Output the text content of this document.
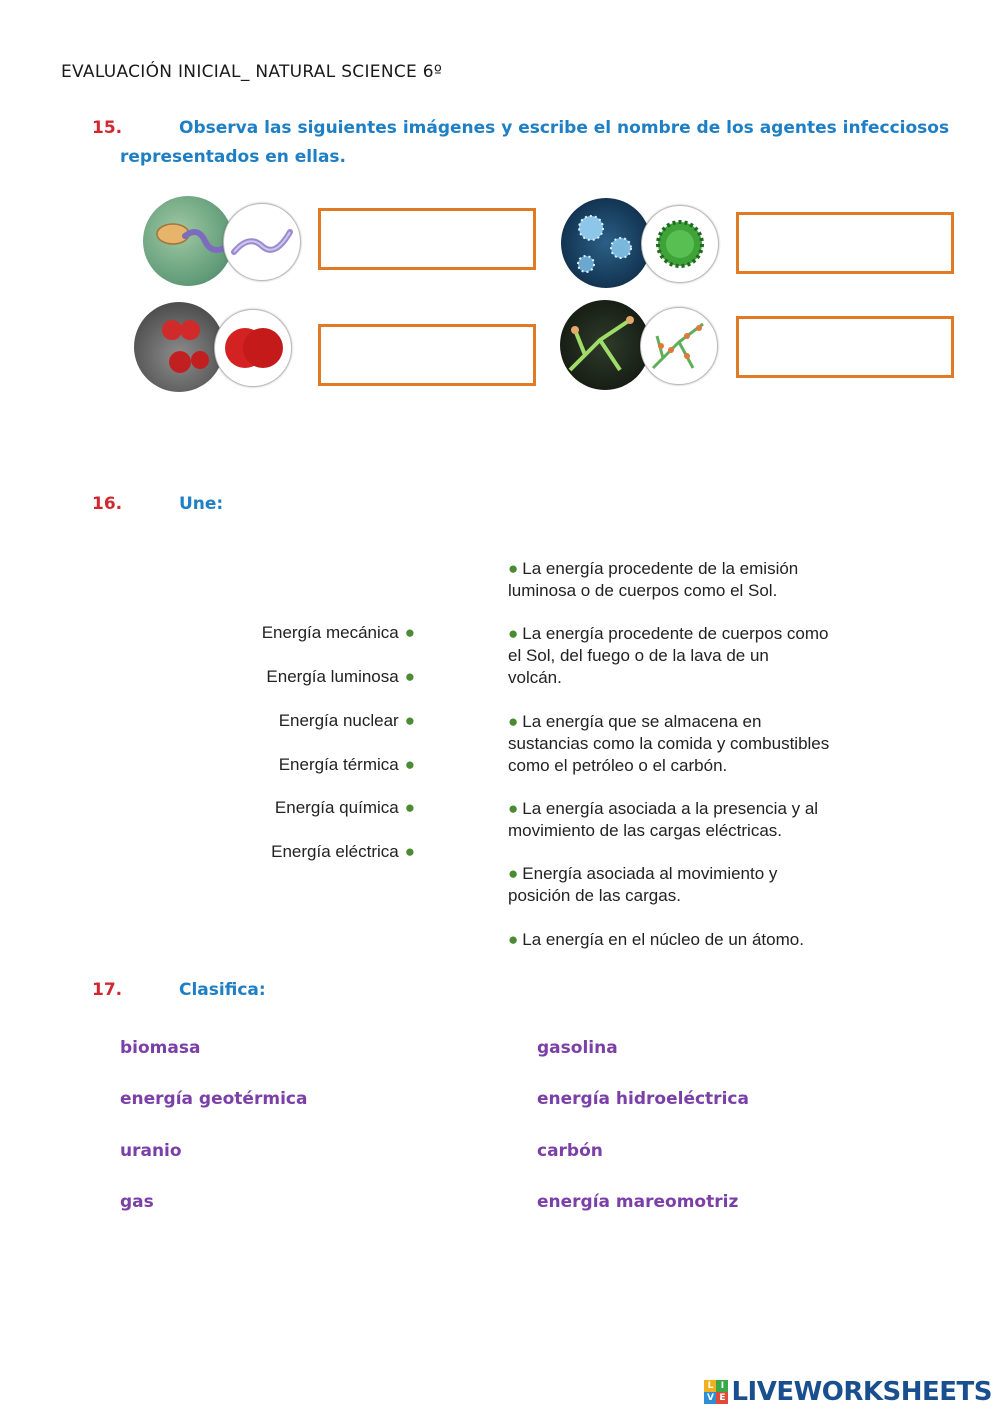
EVALUACIÓN INICIAL_ NATURAL SCIENCE 6º
15.	Observa las siguientes imágenes y escribe el nombre de los agentes infecciosos
representados en ellas.
16.	Une:
Energía mecánica ●
Energía luminosa ●
Energía nuclear ●
Energía térmica ●
Energía química ●
Energía eléctrica ●
● La energía procedente de la emisión
luminosa o de cuerpos como el Sol.
● La energía procedente de cuerpos como
el Sol, del fuego o de la lava de un
volcán.
● La energía que se almacena en
sustancias como la comida y combustibles
como el petróleo o el carbón.
● La energía asociada a la presencia y al
movimiento de las cargas eléctricas.
● Energía asociada al movimiento y
posición de las cargas.
● La energía en el núcleo de un átomo.
17.	Clasifica:
biomasa
energía geotérmica
uranio
gas
gasolina
energía hidroeléctrica
carbón
energía mareomotriz
L I
V E LIVEWORKSHEETS
